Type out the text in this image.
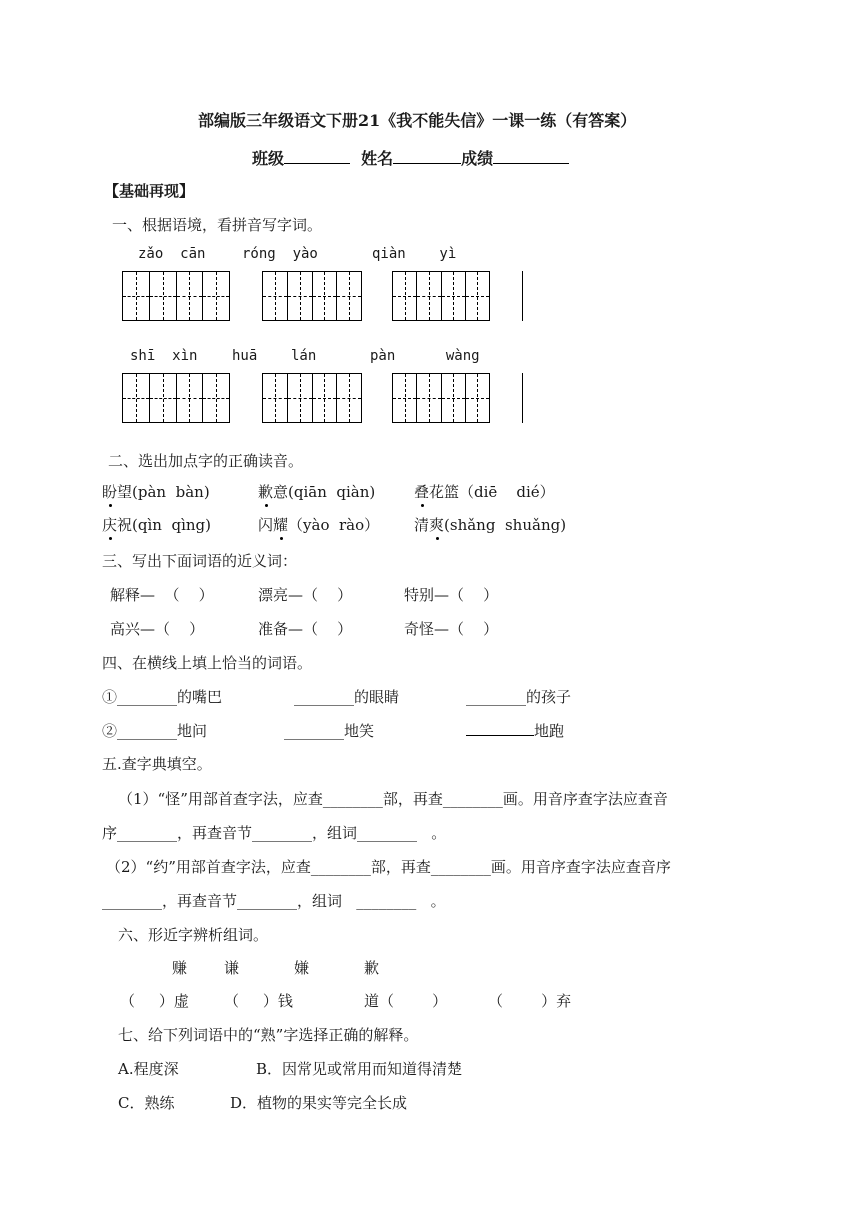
部编版三年级语文下册21《我不能失信》一课一练（有答案）
班级	姓名	成绩
【基础再现】
一、根据语境，看拼音写字词。
zǎo  cān	róng  yào	qiàn    yì
shī  xìn huā    lán	pàn      wàng
二、选出加点字的正确读音。
盼望(pàn  bàn)	歉意(qiān  qiàn)	叠花篮（diē    dié）
庆祝(qìn  qìng)	闪耀（yào  rào） 清爽(shǎng  shuǎng)
三、写出下面词语的近义词：
解释—  （    ）	漂亮—（    ）	特别—（    ）
高兴—（    ）	准备—（    ）	奇怪—（    ）
四、在横线上填上恰当的词语。
①________的嘴巴	________的眼睛	________的孩子
②________地问	________地笑	地跑
五.查字典填空。
（1）“怪”用部首查字法，应查________部，再查________画。用音序查字法应查音
序________，再查音节________，组词________   。
（2）“约”用部首查字法，应查________部，再查________画。用音序查字法应查音序
________，再查音节________，组词   ________   。
六、形近字辨析组词。
赚 谦	嫌	歉
（     ）虚 （     ）钱	道（        ）	（        ）弃
七、给下列词语中的“熟”字选择正确的解释。
A.程度深	B．因常见或常用而知道得清楚
C．熟练	D．植物的果实等完全长成
